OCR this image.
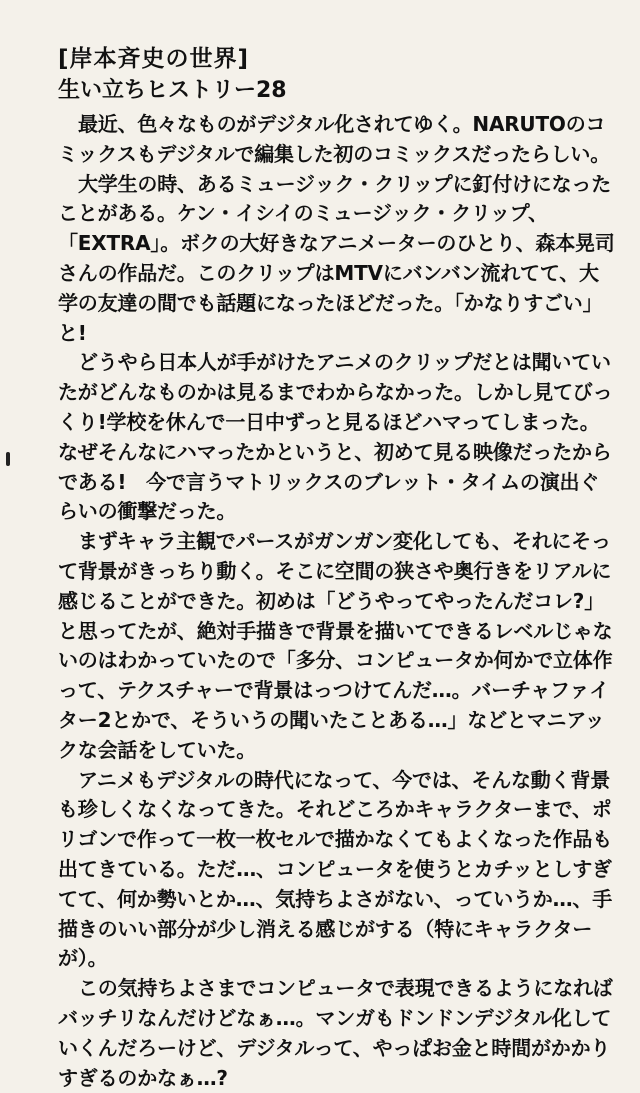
[岸本斉史の世界]
生い立ちヒストリー28

最近、色々なものがデジタル化されてゆく。NARUTOのコミックスもデジタルで編集した初のコミックスだったらしい。

大学生の時、あるミュージック・クリップに釘付けになったことがある。ケン・イシイのミュージック・クリップ、「EXTRA」。ボクの大好きなアニメーターのひとり、森本晃司さんの作品だ。このクリップはMTVにバンバン流れてて、大学の友達の間でも話題になったほどだった。「かなりすごい」と!

どうやら日本人が手がけたアニメのクリップだとは聞いていたがどんなものかは見るまでわからなかった。しかし見てびっくり!学校を休んで一日中ずっと見るほどハマってしまった。なぜそんなにハマったかというと、初めて見る映像だったからである!　今で言うマトリックスのブレット・タイムの演出ぐらいの衝撃だった。

まずキャラ主観でパースがガンガン変化しても、それにそって背景がきっちり動く。そこに空間の狭さや奥行きをリアルに感じることができた。初めは「どうやってやったんだコレ?」と思ってたが、絶対手描きで背景を描いてできるレベルじゃないのはわかっていたので「多分、コンピュータか何かで立体作って、テクスチャーで背景はっつけてんだ…。バーチャファイター2とかで、そういうの聞いたことある…」などとマニアックな会話をしていた。

アニメもデジタルの時代になって、今では、そんな動く背景も珍しくなくなってきた。それどころかキャラクターまで、ポリゴンで作って一枚一枚セルで描かなくてもよくなった作品も出てきている。ただ…、コンピュータを使うとカチッとしすぎてて、何か勢いとか…、気持ちよさがない、っていうか…、手描きのいい部分が少し消える感じがする（特にキャラクターが）。

この気持ちよさまでコンピュータで表現できるようになればバッチリなんだけどなぁ…。マンガもドンドンデジタル化していくんだろーけど、デジタルって、やっぱお金と時間がかかりすぎるのかなぁ…?
